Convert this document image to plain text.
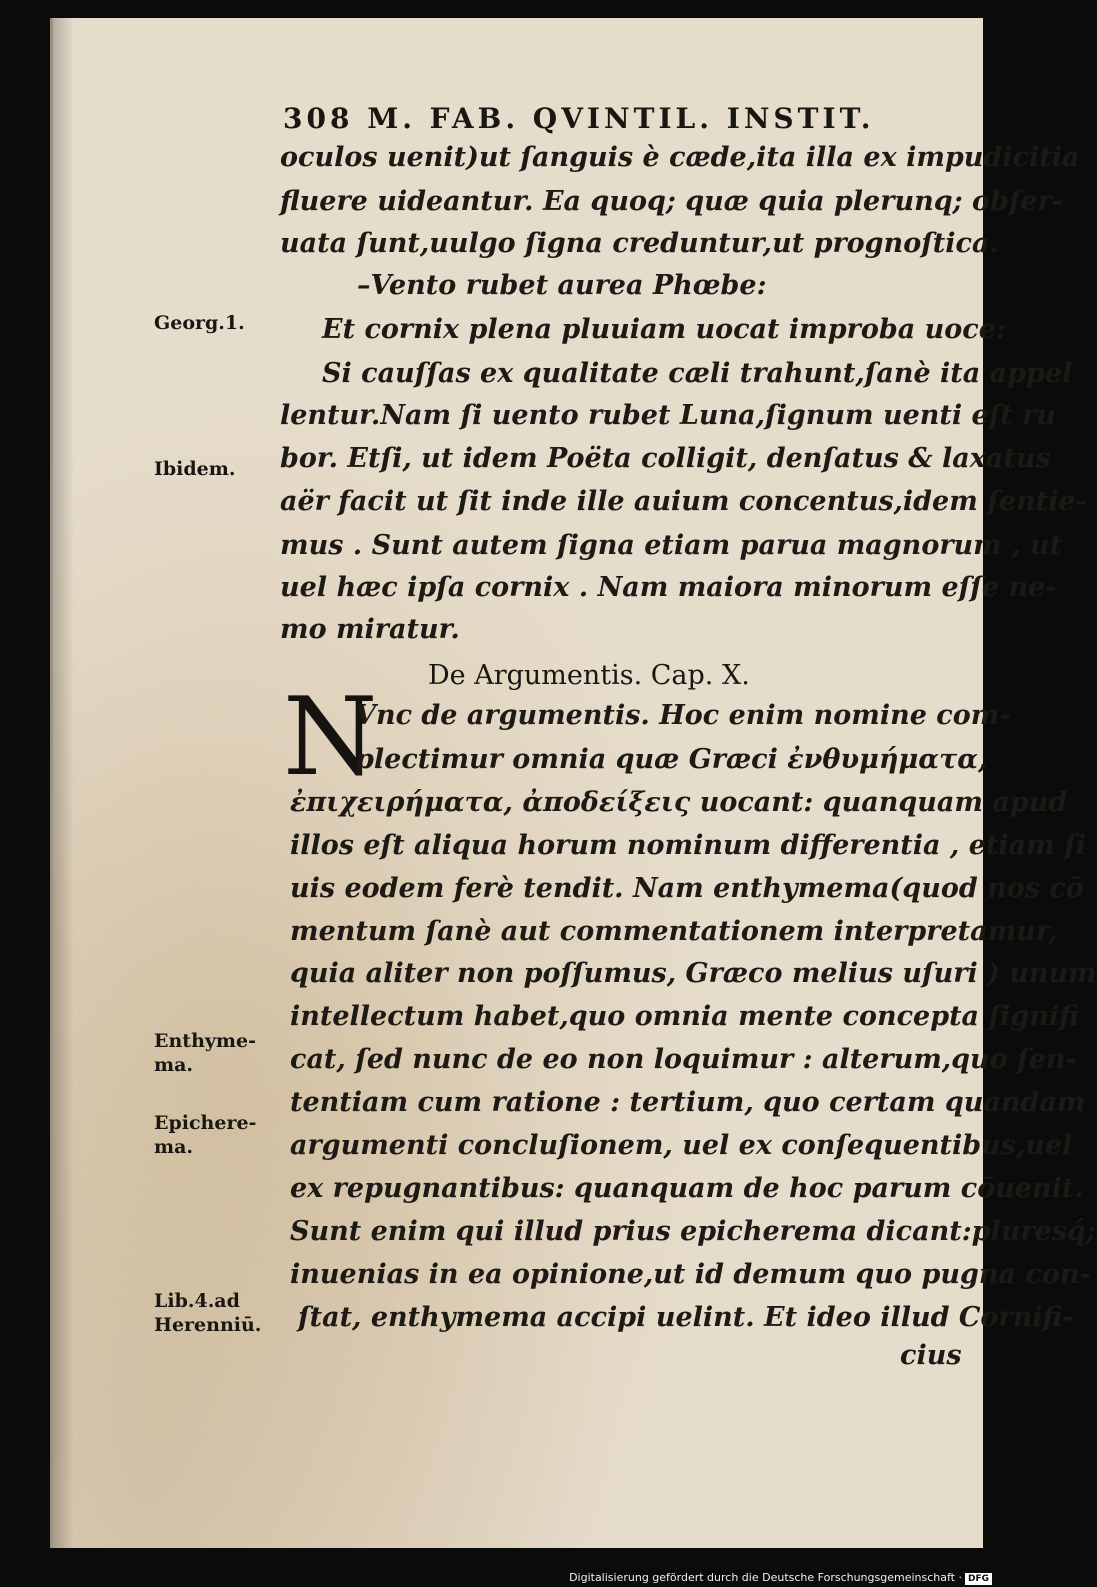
308 M. FAB. QVINTIL. INSTIT.
Georg.1.
Ibidem.
Enthyme-
ma.
Epichere-
ma.
Lib.4.ad
Herenniū.
oculos uenit)ut ſanguis è cæde,ita illa ex impudicitia
fluere uideantur. Ea quoq; quæ quia plerunq; obſer-
uata ſunt,uulgo ſigna creduntur,ut prognoſtica.
–Vento rubet aurea Phœbe:
Et cornix plena pluuiam uocat improba uoce:
Si cauſſas ex qualitate cæli trahunt,ſanè ita appel
lentur.Nam ſi uento rubet Luna,ſignum uenti eſt ru
bor. Etſi, ut idem Poëta colligit, denſatus & laxatus
aër facit ut ſit inde ille auium concentus,idem ſentie-
mus . Sunt autem ſigna etiam parua magnorum , ut
uel hæc ipſa cornix . Nam maiora minorum eſſe ne-
mo miratur.
De Argumentis. Cap. X.
N
Vnc de argumentis. Hoc enim nomine com-
plectimur omnia quæ Græci ἐνθυμήματα,
ἐπιχειρήματα, ἀποδείξεις uocant: quanquam apud
illos eſt aliqua horum nominum differentia , etiam ſi
uis eodem ferè tendit. Nam enthymema(quod nos cō
mentum ſanè aut commentationem interpretamur,
quia aliter non poſſumus, Græco melius uſuri ) unum
intellectum habet,quo omnia mente concepta ſignifi
cat, ſed nunc de eo non loquimur : alterum,quo ſen-
tentiam cum ratione : tertium, quo certam quandam
argumenti concluſionem, uel ex conſequentibus,uel
ex repugnantibus: quanquam de hoc parum cōuenit.
Sunt enim qui illud prius epicherema dicant:pluresq́;
inuenias in ea opinione,ut id demum quo pugna con-
ſtat, enthymema accipi uelint. Et ideo illud Cornifi-
cius
Digitalisierung gefördert durch die Deutsche Forschungsgemeinschaft · DFG
